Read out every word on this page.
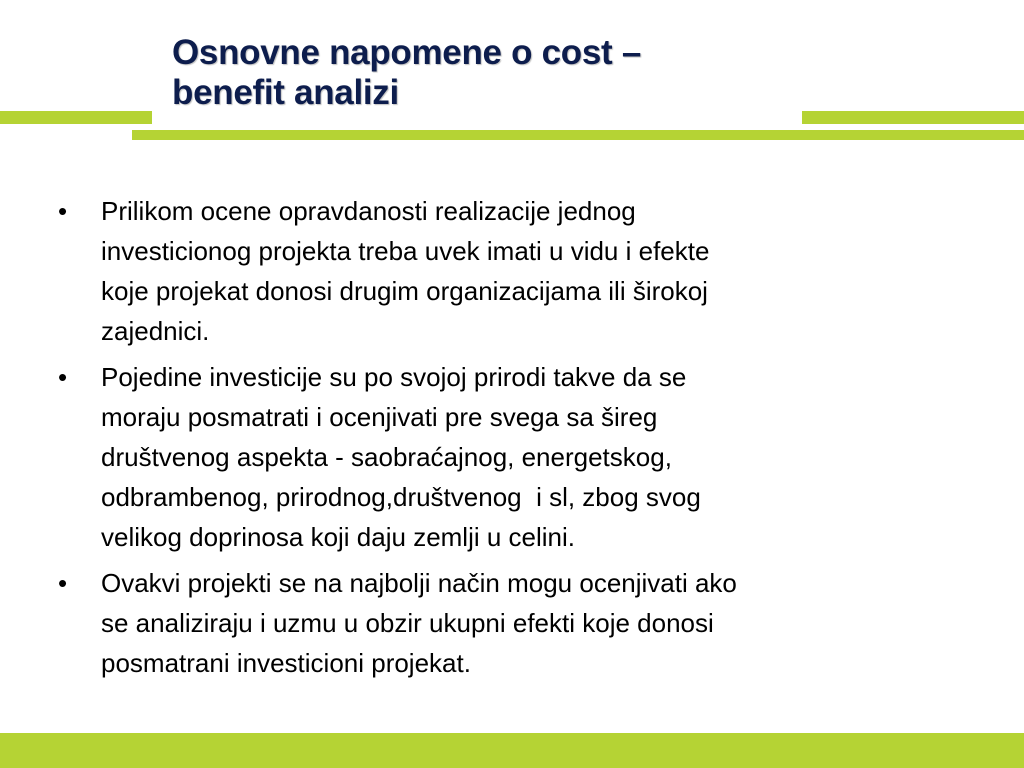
Osnovne napomene o cost –
benefit analizi
•	Prilikom ocene opravdanosti realizacije jednog
investicionog projekta treba uvek imati u vidu i efekte
koje projekat donosi drugim organizacijama ili širokoj
zajednici.
•	Pojedine investicije su po svojoj prirodi takve da se
moraju posmatrati i ocenjivati pre svega sa šireg
društvenog aspekta - saobraćajnog, energetskog,
odbrambenog, prirodnog,društvenog  i sl, zbog svog
velikog doprinosa koji daju zemlji u celini.
•	Ovakvi projekti se na najbolji način mogu ocenjivati ako
se analiziraju i uzmu u obzir ukupni efekti koje donosi
posmatrani investicioni projekat.
